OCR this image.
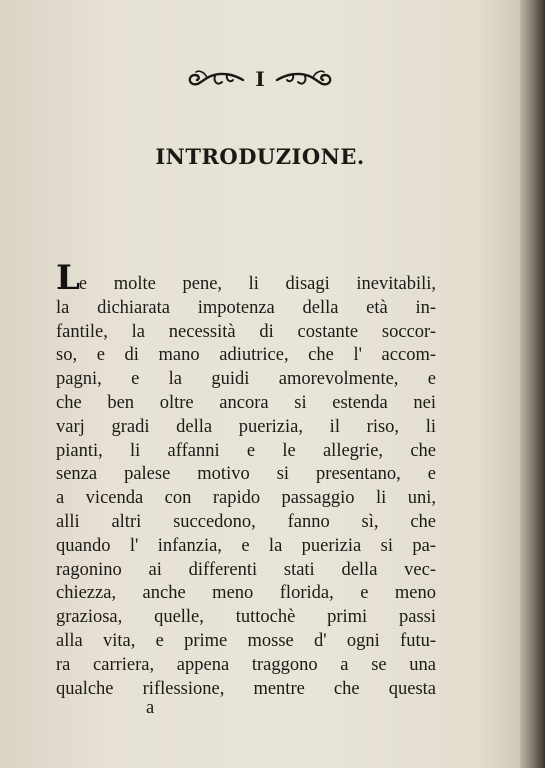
I
INTRODUZIONE.
Le molte pene, li disagi inevitabili,
la dichiarata impotenza della età in-
fantile, la necessità di costante soccor-
so, e di mano adiutrice, che l' accom-
pagni, e la guidi amorevolmente, e
che ben oltre ancora si estenda nei
varj gradi della puerizia, il riso, li
pianti, li affanni e le allegrie, che
senza palese motivo si presentano, e
a vicenda con rapido passaggio li uni,
alli altri succedono, fanno sì, che
quando l' infanzia, e la puerizia si pa-
ragonino ai differenti stati della vec-
chiezza, anche meno florida, e meno
graziosa, quelle, tuttochè primi passi
alla vita, e prime mosse d' ogni futu-
ra carriera, appena traggono a se una
qualche riflessione, mentre che questa
a
